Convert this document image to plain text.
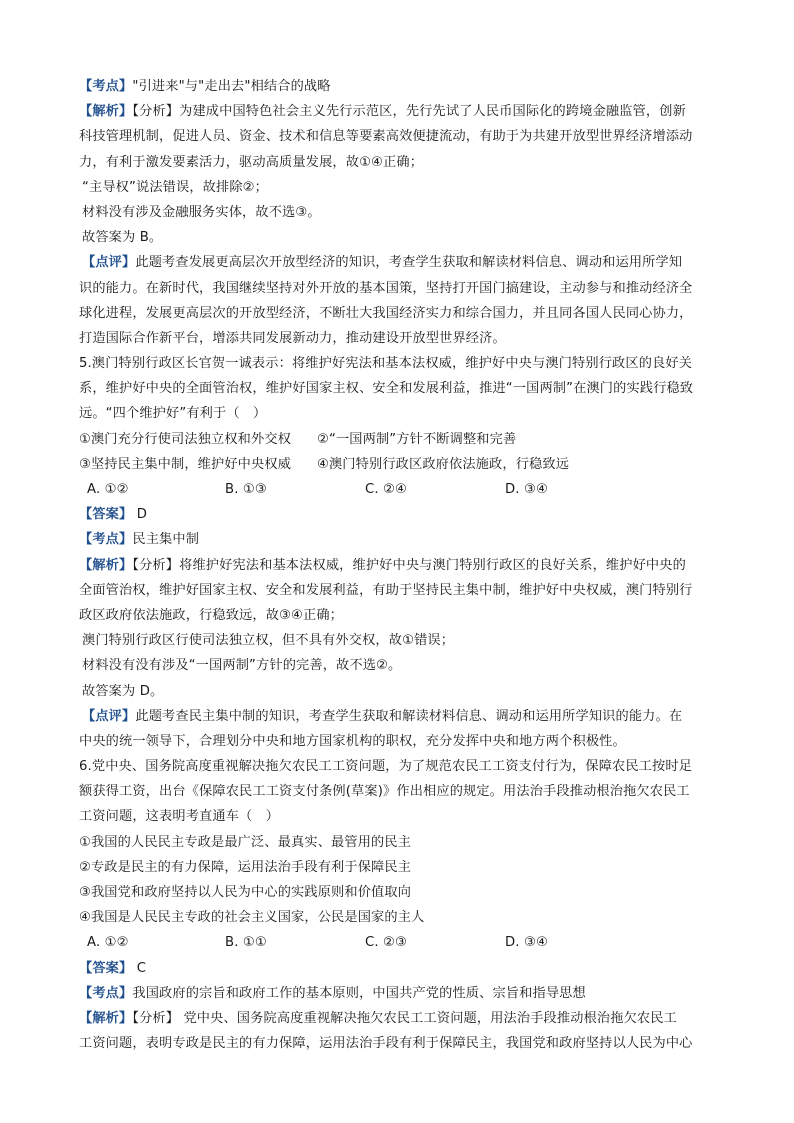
【考点】"引进来"与"走出去"相结合的战略
【解析】【分析】为建成中国特色社会主义先行示范区，先行先试了人民币国际化的跨境金融监管，创新
科技管理机制，促进人员、资金、技术和信息等要素高效便捷流动，有助于为共建开放型世界经济增添动
力，有利于激发要素活力，驱动高质量发展，故①④正确；
“主导权”说法错误，故排除②；
材料没有涉及金融服务实体，故不选③。
故答案为 B。
【点评】此题考查发展更高层次开放型经济的知识，考查学生获取和解读材料信息、调动和运用所学知
识的能力。在新时代，我国继续坚持对外开放的基本国策，坚持打开国门搞建设，主动参与和推动经济全
球化进程，发展更高层次的开放型经济，不断壮大我国经济实力和综合国力，并且同各国人民同心协力，
打造国际合作新平台，增添共同发展新动力，推动建设开放型世界经济。
5.澳门特别行政区长官贺一诚表示：将维护好宪法和基本法权威，维护好中央与澳门特别行政区的良好关
系，维护好中央的全面管治权，维护好国家主权、安全和发展利益，推进“一国两制”在澳门的实践行稳致
远。“四个维护好”有利于（　）
①澳门充分行使司法独立权和外交权 ②“一国两制”方针不断调整和完善
③坚持民主集中制，维护好中央权威 ④澳门特别行政区政府依法施政，行稳致远
A. ①②	B. ①③	C. ②④	D. ③④
【答案】 D
【考点】民主集中制
【解析】【分析】将维护好宪法和基本法权威，维护好中央与澳门特别行政区的良好关系，维护好中央的
全面管治权，维护好国家主权、安全和发展利益，有助于坚持民主集中制，维护好中央权威，澳门特别行
政区政府依法施政，行稳致远，故③④正确；
澳门特别行政区行使司法独立权，但不具有外交权，故①错误；
材料没有没有涉及“一国两制”方针的完善，故不选②。
故答案为 D。
【点评】此题考查民主集中制的知识，考查学生获取和解读材料信息、调动和运用所学知识的能力。在
中央的统一领导下，合理划分中央和地方国家机构的职权，充分发挥中央和地方两个积极性。
6.党中央、国务院高度重视解决拖欠农民工工资问题，为了规范农民工工资支付行为，保障农民工按时足
额获得工资，出台《保障农民工工资支付条例(草案)》作出相应的规定。用法治手段推动根治拖欠农民工
工资问题，这表明考直通车（　）
①我国的人民民主专政是最广泛、最真实、最管用的民主
②专政是民主的有力保障，运用法治手段有利于保障民主
③我国党和政府坚持以人民为中心的实践原则和价值取向
④我国是人民民主专政的社会主义国家，公民是国家的主人
A. ①②	B. ①①	C. ②③	D. ③④
【答案】 C
【考点】我国政府的宗旨和政府工作的基本原则，中国共产党的性质、宗旨和指导思想
【解析】【分析】 党中央、国务院高度重视解决拖欠农民工工资问题，用法治手段推动根治拖欠农民工
工资问题，表明专政是民主的有力保障，运用法治手段有利于保障民主，我国党和政府坚持以人民为中心
